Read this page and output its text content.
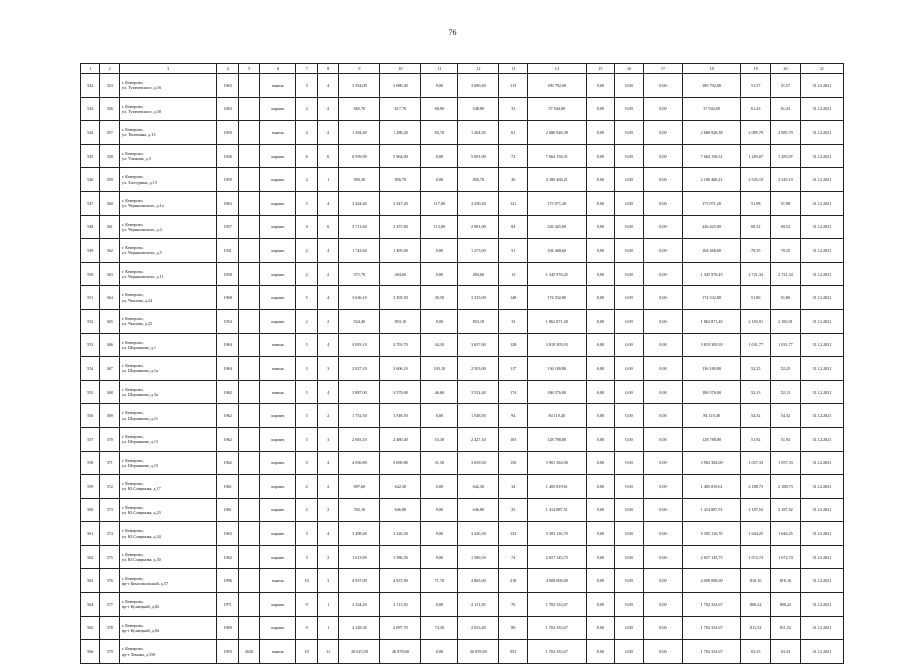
76
1	2	3	4	5	6	7	8	9	10	11	12	13	14	15	16	17	18	19	20	21
542	353	г. Кемерово,
ул. Тухачевского, д.16	1963		панель	5	4	3 554,00	3 680,40	0,00	3 680,40	113	189 792,00	0,00	0,00	0,00	189 792,00	51,57	51,57	31.12.2021
543	356	г. Кемерово,
ул. Тухачевского, д.30	1963		кирпич	2	2	665,70	617,70	68,90	548,80	33	37 944,00	0,00	0,00	0,00	37 944,00	61,43	61,43	31.12.2021
544	357	г. Кемерово,
ул. Тюленина, д.13	1959		панель	4	2	1 394,40	1 288,20	83,70	1 204,50	61	2 686 926,38	0,00	0,00	0,00	2 686 926,38	2 085,79	2 085,79	31.12.2021
545	358	г. Кемерово,
ул. Ушакова, д.3	1940		кирпич	6	6	6 959,90	5 964,00	0,00	5 691,00	72	7 664 156,31	0,00	0,00	0,00	7 664 156,31	1 285,07	1 285,07	31.12.2021
546	359	г. Кемерово,
ул. Халтурина, д.15	1959		кирпич	2	1	903,30	856,70	0,00	856,70	36	2 180 460,21	0,00	0,00	0,00	2 180 460,21	2 545,19	2 545,19	31.12.2021
547	360	г. Кемерово,
ул. Черняховского, д.1а	1963		кирпич	5	4	3 424,40	3 347,20	117,00	3 230,20	121	173 971,20	0,00	0,00	0,00	173 971,20	51,98	51,98	31.12.2021
548	361	г. Кемерово,
ул. Черняховского, д.3	1957		кирпич	4	6	3 711,60	3 257,00	113,00	2 981,00	84	226 425,00	0,00	0,00	0,00	226 425,00	69,52	69,52	31.12.2021
549	362	г. Кемерово,
ул. Черняховского, д.5	1941		кирпич	2	4	1 742,60	1 495,00	0,00	1 273,00	51	104 468,60	0,00	0,00	0,00	104 468,60	70,35	70,35	31.12.2021
550	363	г. Кемерово,
ул. Черняховского, д.11	1958		кирпич	2	2	571,70	494,60	0,00	494,60	13	1 345 976,45	0,00	0,00	0,00	1 345 976,45	2 721,34	2 721,34	31.12.2021
551	364	г. Кемерово,
ул. Чкалова, д.24	1968		кирпич	5	4	3 636,10	3 305,50	30,50	3 335,00	148	174 532,80	0,00	0,00	0,00	174 532,80	51,86	51,86	31.12.2021
552	365	г. Кемерово,
ул. Чкалова, д.25	1954		кирпич	2	2	924,40	853,10	0,00	853,10	33	1 862 871,40	0,00	0,00	0,00	1 862 871,40	2 183,91	2 183,91	31.12.2021
553	366	г. Кемерово,
ул. Шорникова, д.1	1964		панель	5	4	4 093,10	3 701,70	44,10	3 657,60	128	3 819 305,93	0,00	0,00	0,00	3 819 305,93	1 031,77	1 031,77	31.12.2021
554	367	г. Кемерово,
ул. Шорникова, д.1а	1964		панель	3	3	2 837,10	2 606,10	103,10	2 503,00	117	136 180,80	0,00	0,00	0,00	136 180,80	52,25	52,25	31.12.2021
555	368	г. Кемерово,
ул. Шорникова, д.3а	1962		панель	5	4	3 887,00	3 579,00	46,60	3 532,40	174	186 576,00	0,00	0,00	0,00	186 576,00	52,13	52,13	31.12.2021
556	369	г. Кемерово,
ул. Шорникова, д.11	1962		кирпич	5	2	1 752,30	1 548,50	0,00	1 548,50	94	84 110,40	0,00	0,00	0,00	84 110,40	54,32	54,32	31.12.2021
557	370	г. Кемерово,
ул. Шорникова, д.13	1962		кирпич	5	3	2 683,10	2 480,40	53,30	2 427,10	103	128 788,80	0,00	0,00	0,00	128 788,80	51,92	51,92	31.12.2021
558	371	г. Кемерово,
ул. Шорникова, д.15	1962		кирпич	5	4	4 036,80	3 690,80	31,50	3 659,30	156	3 901 384,00	0,00	0,00	0,00	3 902 384,00	1 057,33	1 057,33	31.12.2021
559	372	г. Кемерово,
ул. Ю.Смирнова, д.17	1961		кирпич	2	2	697,60	642,30	0,00	642,30	34	1 405 819,61	0,00	0,00	0,00	1 405 819,61	2 188,73	2 188,73	31.12.2021
560	373	г. Кемерово,
ул. Ю.Смирнова, д.23	1961		кирпич	2	2	702,10	646,80	0,00	646,80	25	1 414 887,51	0,00	0,00	0,00	1 414 887,51	2 187,52	2 187,52	31.12.2021
561	374	г. Кемерово,
ул. Ю.Смирнова, д.24	1963		кирпич	5	4	3 498,40	3 226,30	0,00	3 226,30	132	5 305 116,70	0,00	0,00	0,00	5 305 116,70	1 644,25	1 644,25	31.12.2021
562	375	г. Кемерово,
ул. Ю.Смирнова, д.30	1962		кирпич	5	2	1 613,90	1 586,50	0,00	1 586,50	74	2 657 145,75	0,00	0,00	0,00	2 657 145,75	1 672,74	1 672,74	31.12.2021
563	376	г. Кемерово,
пр-т Комсомольский, д.57	1996		панель	10	3	4 937,00	4 937,00	71,70	4 865,00	218	4 000 000,00	0,00	0,00	0,00	4 000 000,00	810,16	810,16	31.12.2021
564	377	г. Кемерово,
пр-т Кузнецкий, д.82	1971		кирпич	9	1	2 234,20	2 111,50	0,00	2 111,50	76	1 702 333,67	0,00	0,00	0,00	1 702 333,67	806,22	806,22	31.12.2021
565	378	г. Кемерово,
пр-т Кузнецкий, д.84	1969		кирпич	9	1	2 228,30	2 097,70	74,30	2 023,40	89	1 702 333,67	0,00	0,00	0,00	1 702 333,67	811,52	811,52	31.12.2021
566	379	г. Кемерово,
пр-т Ленина, д.55б	1993	2020	панель	10	11	30 625,50	26 878,60	0,00	26 878,60	953	1 702 333,67	0,00	0,00	0,00	1 702 333,67	63,33	63,33	31.12.2021
